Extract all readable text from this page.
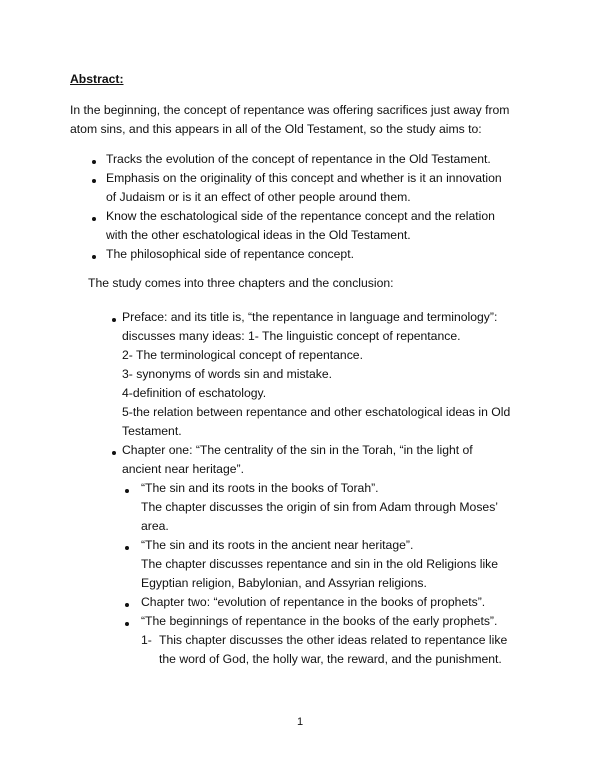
Abstract:
In the beginning, the concept of repentance was offering sacrifices just away from
atom sins, and this appears in all of the Old Testament, so the study aims to:
Tracks the evolution of the concept of repentance in the Old Testament.
Emphasis on the originality of this concept and whether is it an innovation
of Judaism or is it an effect of other people around them.
Know the eschatological side of the repentance concept and the relation
with the other eschatological ideas in the Old Testament.
The philosophical side of repentance concept.
The study comes into three chapters and the conclusion:
Preface: and its title is, “the repentance in language and terminology”:
discusses many ideas: 1- The linguistic concept of repentance.
2- The terminological concept of repentance.
3- synonyms of words sin and mistake.
4-definition of eschatology.
5-the relation between repentance and other eschatological ideas in Old
Testament.
Chapter one: “The centrality of the sin in the Torah, “in the light of
ancient near heritage”.
“The sin and its roots in the books of Torah”.
The chapter discusses the origin of sin from Adam through Moses’
area.
“The sin and its roots in the ancient near heritage”.
The chapter discusses repentance and sin in the old Religions like
Egyptian religion, Babylonian, and Assyrian religions.
Chapter two: “evolution of repentance in the books of prophets”.
“The beginnings of repentance in the books of the early prophets”.
1- This chapter discusses the other ideas related to repentance like
the word of God, the holly war, the reward, and the punishment.
1
